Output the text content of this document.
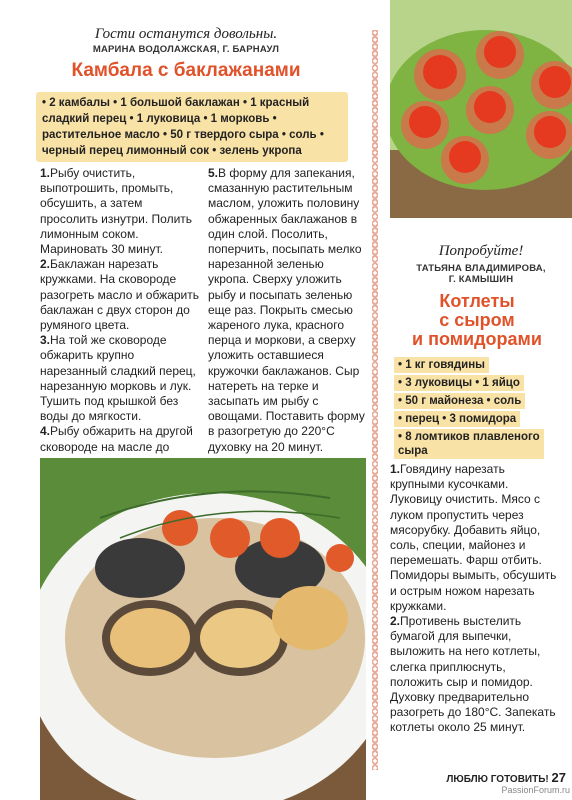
Гости останутся довольны.
МАРИНА ВОДОЛАЖСКАЯ, Г. БАРНАУЛ
Камбала с баклажанами
• 2 камбалы • 1 большой баклажан • 1 красный сладкий перец • 1 луковица • 1 морковь • растительное масло • 50 г твердого сыра • соль • черный перец лимонный сок • зелень укропа

1.Рыбу очистить, выпотрошить, промыть, обсушить, а затем просолить изнутри. Полить лимонным соком. Мариновать 30 минут.

2.Баклажан нарезать кружками. На сковороде разогреть масло и обжарить баклажан с двух сторон до румяного цвета.

3.На той же сковороде обжарить крупно нарезанный сладкий перец, нарезанную морковь и лук. Тушить под крышкой без воды до мягкости.

4.Рыбу обжарить на другой сковороде на масле до

5.В форму для запекания, смазанную растительным маслом, уложить половину обжаренных баклажанов в один слой. Посолить, поперчить, посыпать мелко нарезанной зеленью укропа. Сверху уложить рыбу и посыпать зеленью еще раз. Покрыть смесью жареного лука, красного перца и моркови, а сверху уложить оставшиеся кружочки баклажанов. Сыр натереть на терке и засыпать им рыбу с овощами. Поставить форму в разогретую до 220°С духовку на 20 минут.

Попробуйте!
ТАТЬЯНА ВЛАДИМИРОВА,
Г. КАМЫШИН
Котлеты
с сыром
и помидорами
• 1 кг говядины • 3 луковицы • 1 яйцо • 50 г майонеза • соль • перец • 3 помидора • 8 ломтиков плавленого сыра

1.Говядину нарезать крупными кусочками. Луковицу очистить. Мясо с луком пропустить через мясорубку. Добавить яйцо, соль, специи, майонез и перемешать. Фарш отбить. Помидоры вымыть, обсушить и острым ножом нарезать кружками.

2.Противень выстелить бумагой для выпечки, выложить на него котлеты, слегка приплюснуть, положить сыр и помидор. Духовку предварительно разогреть до 180°С. Запекать котлеты около 25 минут.

ЛЮБЛЮ ГОТОВИТЬ! 27
PassionForum.ru
